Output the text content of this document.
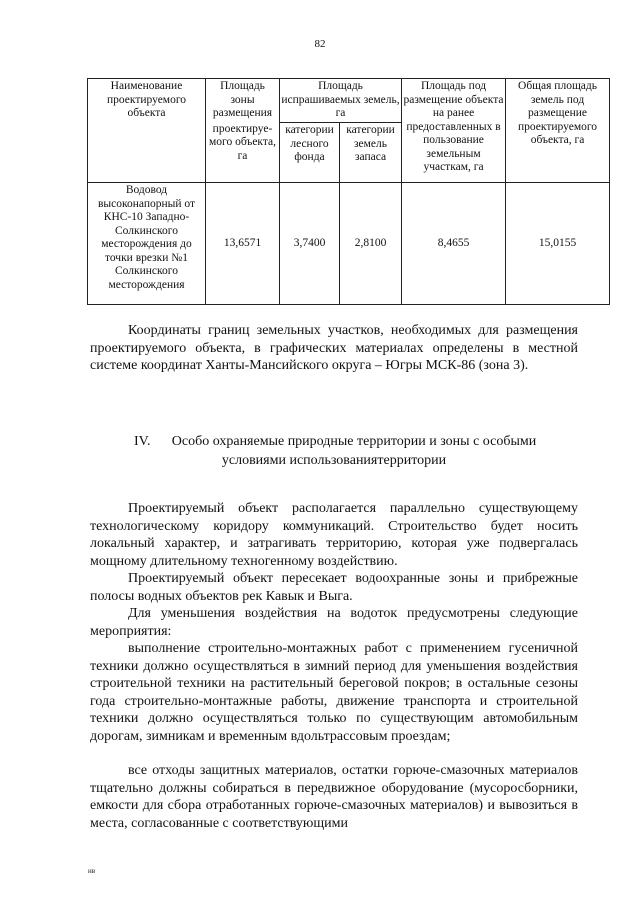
82
Наименование проектируемого объекта	Площадь зоны размещения	Площадь испрашиваемых земель, га		Площадь под размещение объекта на ранее предоставленных в пользование земельным участкам, га	Общая площадь земель под размещение проектируемого объекта, га
	проектируе-мого объекта, га	категории лесного фонда	категории земель запаса		

Водовод высоконапорный от КНС-10 Западно-Солкинского месторождения до точки врезки №1 Солкинского месторождения	13,6571	3,7400	2,8100	8,4655	15,0155
Координаты границ земельных участков, необходимых для размещения проектируемого объекта, в графических материалах определены в местной системе координат Ханты-Мансийского округа – Югры МСК-86 (зона 3).
IV.	Особо охраняемые природные территории и зоны с особыми
условиями использованиятерритории
Проектируемый объект располагается параллельно существующему технологическому коридору коммуникаций. Строительство будет носить локальный характер, и затрагивать территорию, которая уже подвергалась мощному длительному техногенному воздействию.
Проектируемый объект пересекает водоохранные зоны и прибрежные полосы водных объектов рек Кавык и Выга.
Для уменьшения воздействия на водоток предусмотрены следующие мероприятия:
выполнение строительно-монтажных работ с применением гусеничной техники должно осуществляться в зимний период для уменьшения воздействия строительной техники на растительный береговой покров; в остальные сезоны года строительно-монтажные работы, движение транспорта и строительной техники должно осуществляться только по существующим автомобильным дорогам, зимникам и временным вдольтрассовым проездам;
все отходы защитных материалов, остатки горюче-смазочных материалов тщательно должны собираться в передвижное оборудование (мусоросборники, емкости для сбора отработанных горюче-смазочных материалов) и вывозиться в места, согласованные с соответствующими
нв
